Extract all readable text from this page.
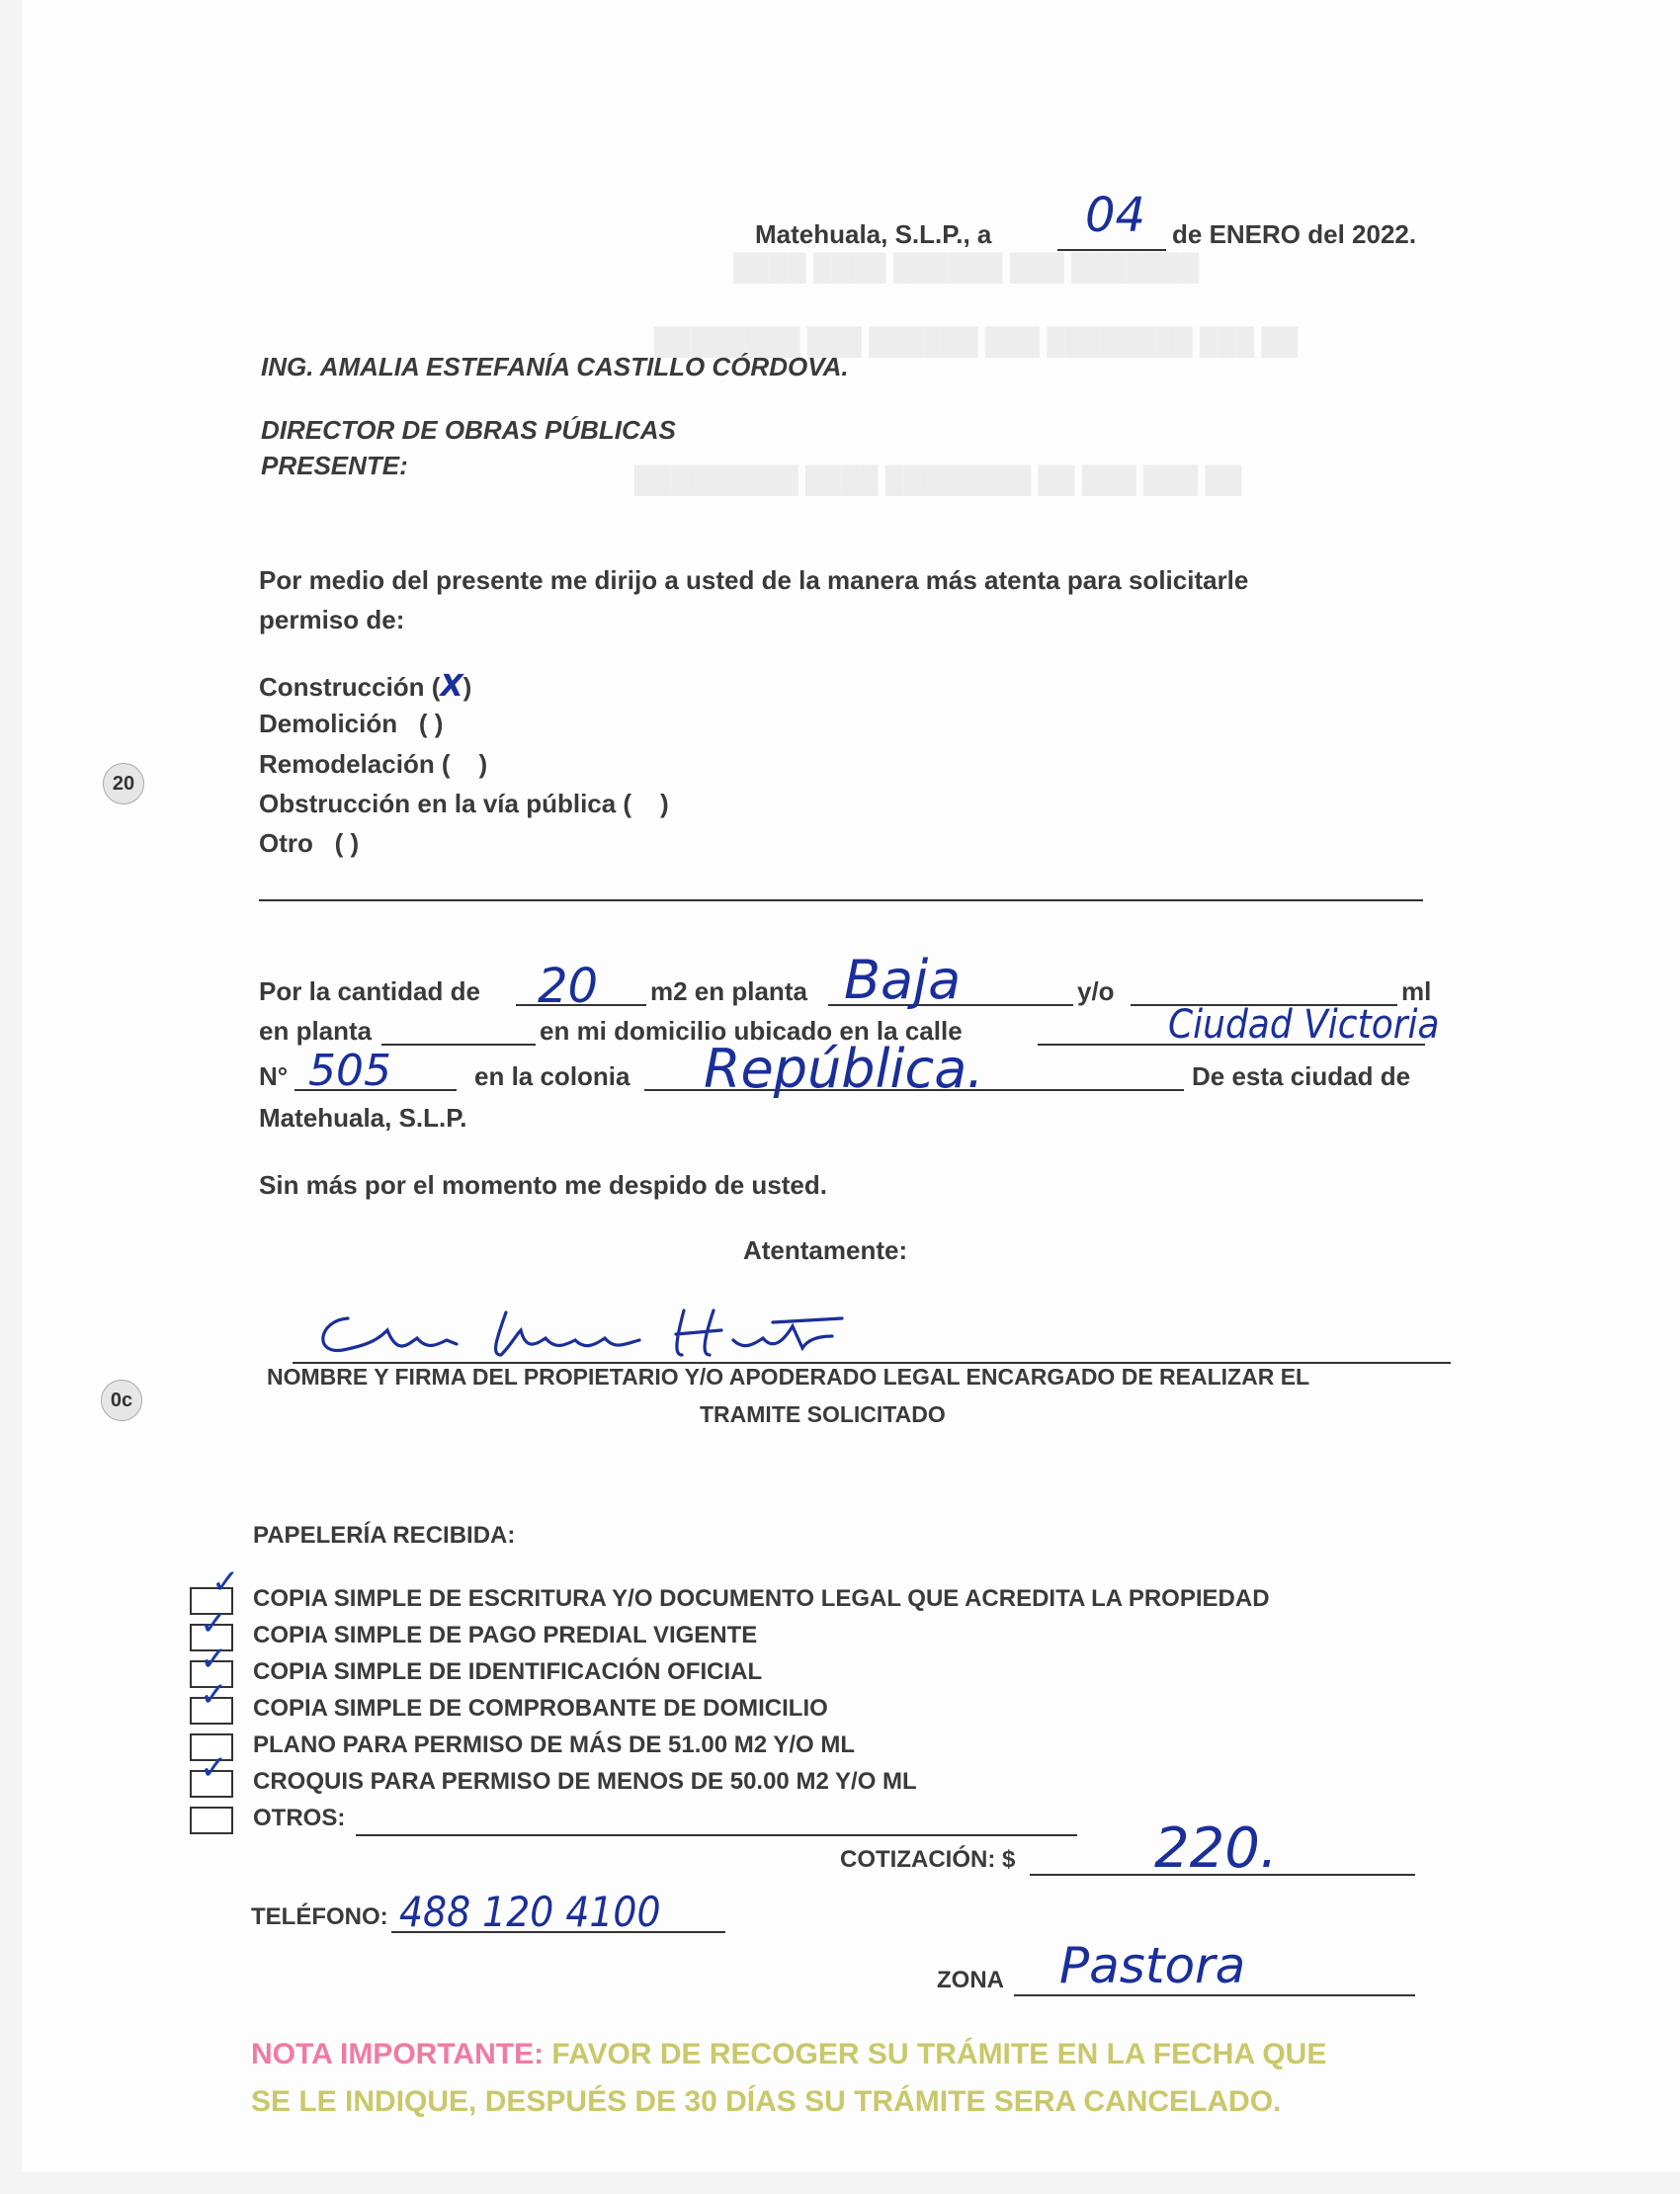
████ ████ ██████ ███ ███████
████████ ███ ██████ ███ ████████ ███ ██
█████████ ████ ████████ ██ ███ ███ ██
20
0c
Matehuala, S.L.P., a 04 de ENERO del 2022.
ING. AMALIA ESTEFANÍA CASTILLO CÓRDOVA.
DIRECTOR DE OBRAS PÚBLICAS
PRESENTE:
Por medio del presente me dirijo a usted de la manera más atenta para solicitarle
permiso de:
Construcción (X)
Demolición ( )
Remodelación ( )
Obstrucción en la vía pública ( )
Otro ( )
Por la cantidad de 20 m2 en planta Baja	y/o	ml
en planta	en mi domicilio ubicado en la calle	Ciudad Victoria
N° 505	en la colonia República.	De esta ciudad de
Matehuala, S.L.P.
Sin más por el momento me despido de usted.
Atentamente:
NOMBRE Y FIRMA DEL PROPIETARIO Y/O APODERADO LEGAL ENCARGADO DE REALIZAR EL
TRAMITE SOLICITADO
PAPELERÍA RECIBIDA:
✓ COPIA SIMPLE DE ESCRITURA Y/O DOCUMENTO LEGAL QUE ACREDITA LA PROPIEDAD
✓ COPIA SIMPLE DE PAGO PREDIAL VIGENTE
✓ COPIA SIMPLE DE IDENTIFICACIÓN OFICIAL
✓ COPIA SIMPLE DE COMPROBANTE DE DOMICILIO
PLANO PARA PERMISO DE MÁS DE 51.00 M2 Y/O ML
✓ CROQUIS PARA PERMISO DE MENOS DE 50.00 M2 Y/O ML
OTROS:
COTIZACIÓN: $	220.
TELÉFONO: 488 120 4100
ZONA Pastora
NOTA IMPORTANTE: FAVOR DE RECOGER SU TRÁMITE EN LA FECHA QUE
SE LE INDIQUE, DESPUÉS DE 30 DÍAS SU TRÁMITE SERA CANCELADO.
